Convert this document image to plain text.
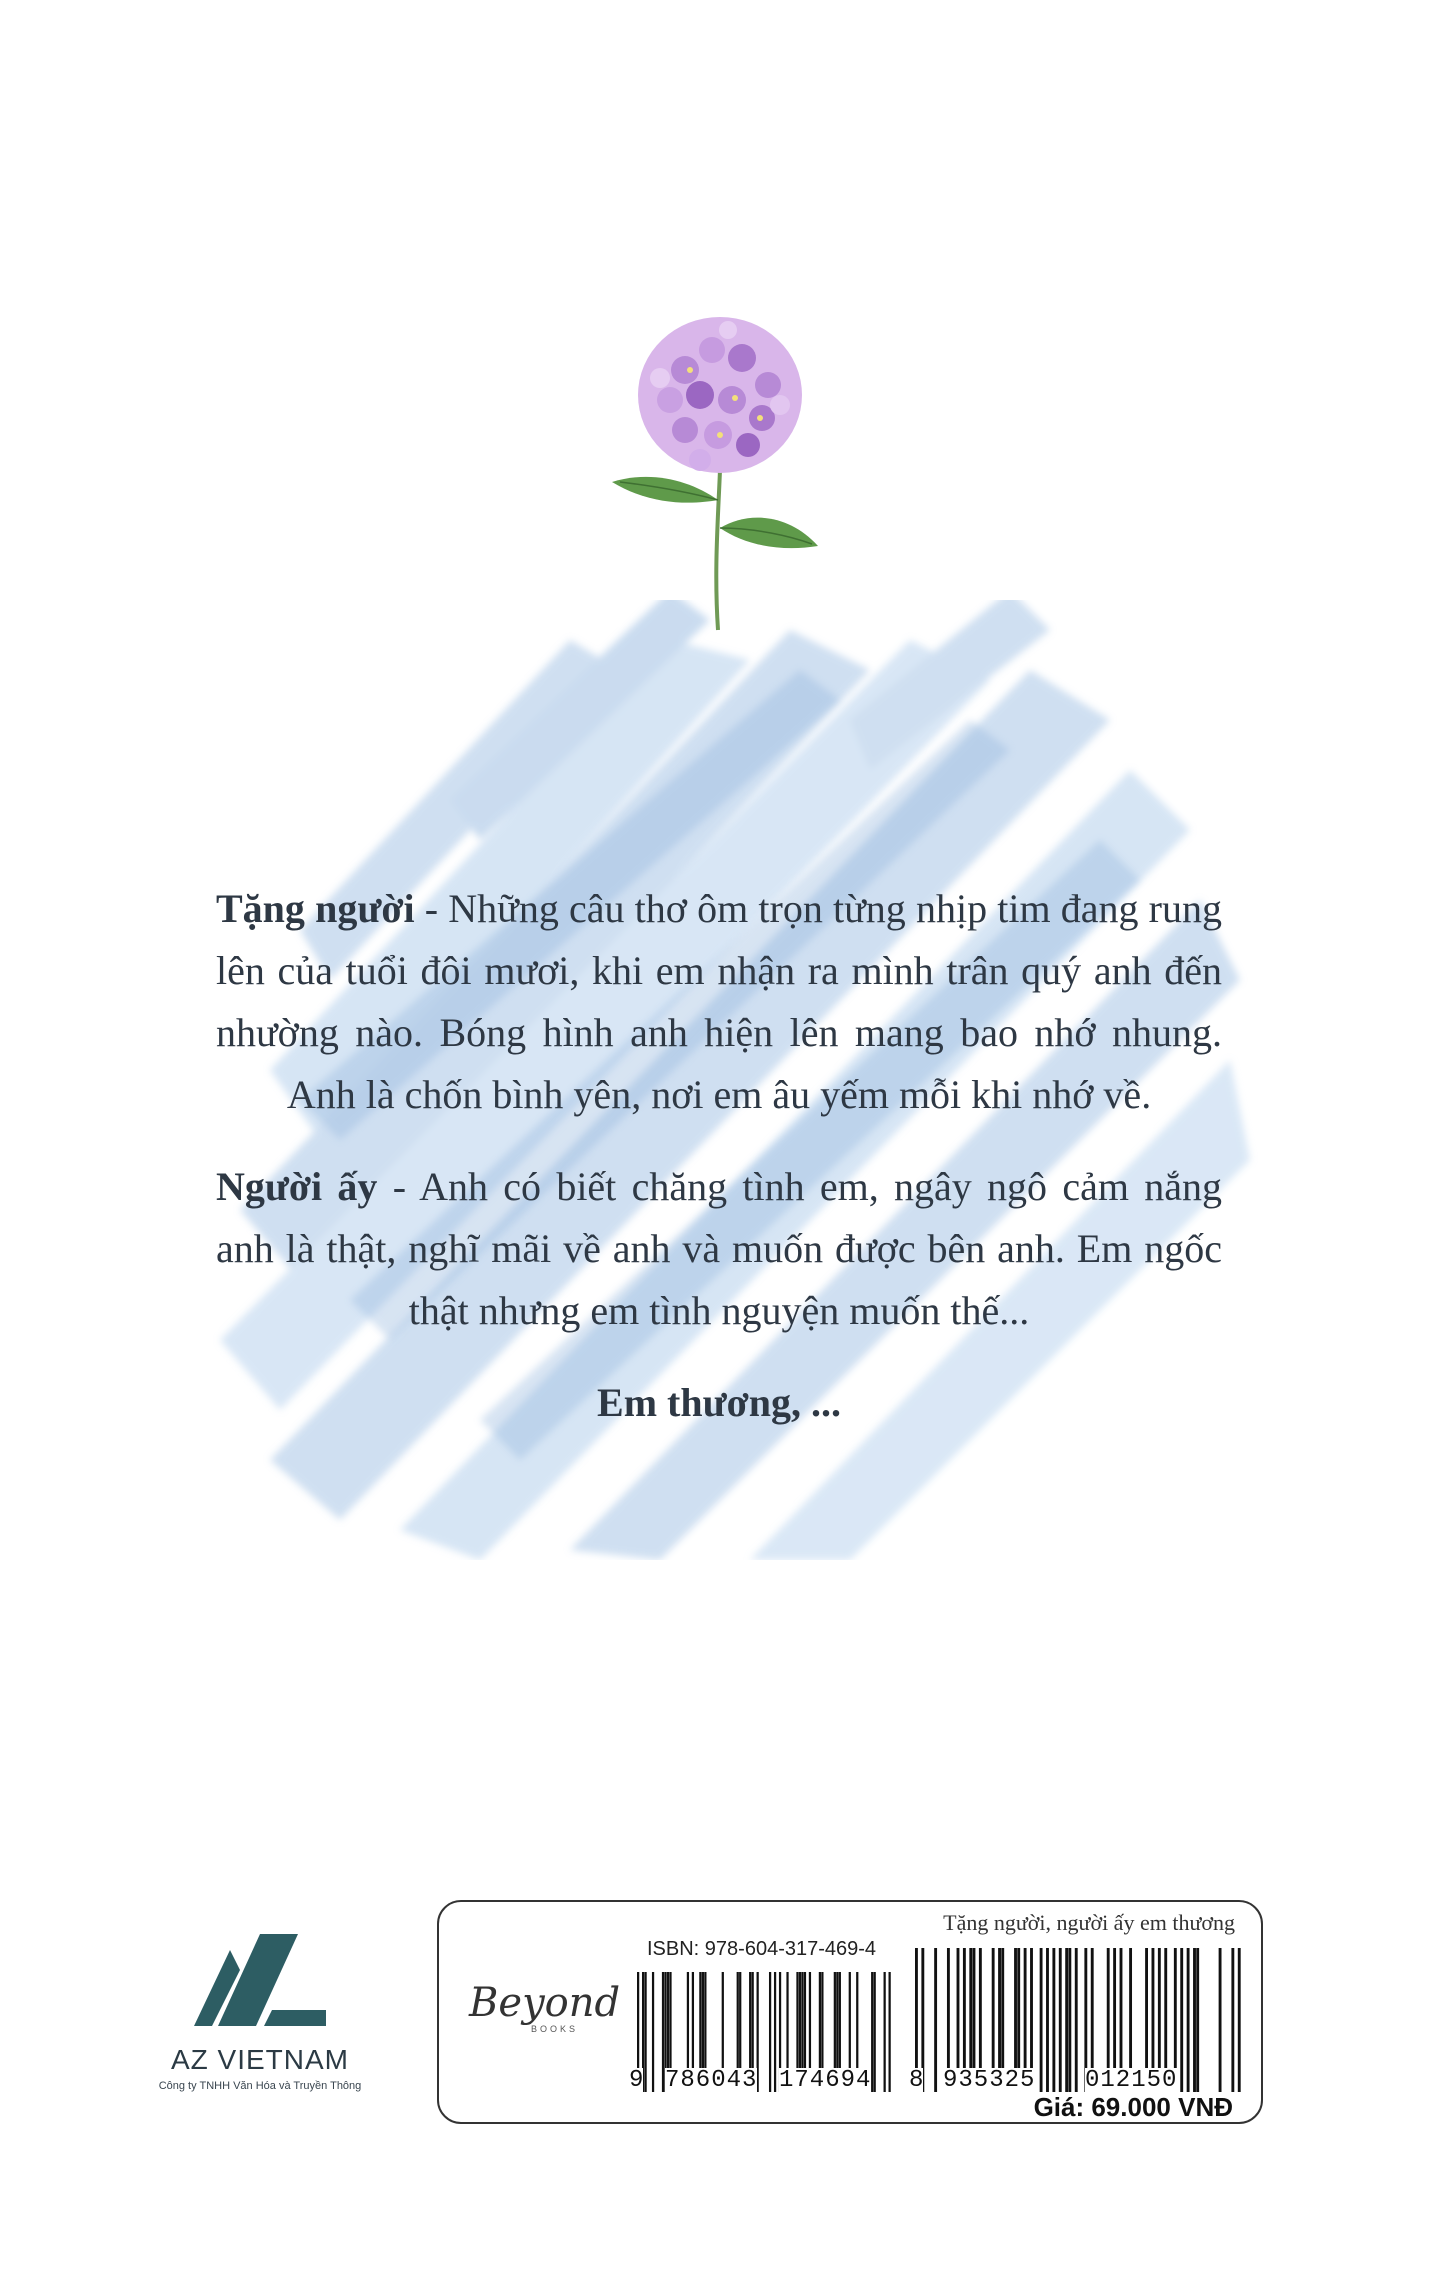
Tặng người - Những câu thơ ôm trọn từng nhịp tim đang rung lên của tuổi đôi mươi, khi em nhận ra mình trân quý anh đến nhường nào. Bóng hình anh hiện lên mang bao nhớ nhung. Anh là chốn bình yên, nơi em âu yếm mỗi khi nhớ về.

Người ấy - Anh có biết chăng tình em, ngây ngô cảm nắng anh là thật, nghĩ mãi về anh và muốn được bên anh. Em ngốc thật nhưng em tình nguyện muốn thế...

Em thương, ...
AZ VIETNAM
Công ty TNHH Văn Hóa và Truyền Thông
Beyond
BOOKS
ISBN: 978-604-317-469-4
Tặng người, người ấy em thương
9 786043 174694 8 935325 012150
Giá: 69.000 VNĐ
